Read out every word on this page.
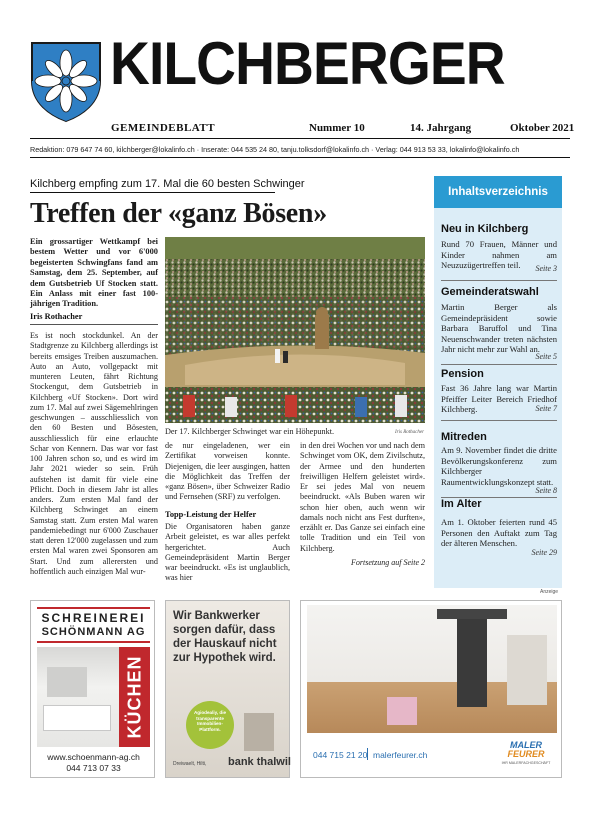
KILCHBERGER
GEMEINDEBLATT	Nummer 10	14. Jahrgang	Oktober 2021
Redaktion: 079 647 74 60, kilchberger@lokalinfo.ch · Inserate: 044 535 24 80, tanju.tolksdorf@lokalinfo.ch · Verlag: 044 913 53 33, lokalinfo@lokalinfo.ch
Kilchberg empfing zum 17. Mal die 60 besten Schwinger
Treffen der «ganz Bösen»
Ein grossartiger Wettkampf bei bestem Wetter und vor 6'000 begeisterten Schwingfans fand am Samstag, dem 25. September, auf dem Gutsbetrieb Uf Stocken statt. Ein Anlass mit einer fast 100-jährigen Tradition.
Iris Rothacher
Es ist noch stockdunkel. An der Stadtgrenze zu Kilchberg allerdings ist bereits emsiges Treiben auszumachen. Auto an Auto, vollgepackt mit munteren Leuten, fährt Richtung Stockengut, dem Gutsbetrieb in Kilchberg «Uf Stocken». Dort wird zum 17. Mal auf zwei Sägemehlringen geschwungen – ausschliesslich von den 60 Besten und Bösesten, ausschliesslich für eine erlauchte Schar von Kennern. Das war vor fast 100 Jahren schon so, und es wird im Jahr 2021 wieder so sein. Früh aufstehen ist damit für viele eine Pflicht. Doch in diesem Jahr ist alles anders. Zum ersten Mal fand der Kilchberg Schwinget an einem Samstag statt. Zum ersten Mal waren pandemiebedingt nur 6'000 Zuschauer statt deren 12'000 zugelassen und zum ersten Mal waren zwei Sponsoren am Start. Und zum allerersten und hoffentlich auch einzigen Mal wur-
Der 17. Kilchberger Schwinget war ein Höhepunkt.	Iris Rothacher
de nur eingeladenen, wer ein Zertifikat vorweisen konnte. Diejenigen, die leer ausgingen, hatten die Möglichkeit das Treffen der «ganz Bösen», über Schweizer Radio und Fernsehen (SRF) zu verfolgen.
Topp-Leistung der Helfer
Die Organisatoren haben ganze Arbeit geleistet, es war alles perfekt hergerichtet. Auch Gemeindepräsident Martin Berger war beeindruckt. «Es ist unglaublich, was hier
in den drei Wochen vor und nach dem Schwinget vom OK, dem Zivilschutz, der Armee und den hunderten freiwilligen Helfern geleistet wird». Er sei jedes Mal von neuem beeindruckt. «Als Buben waren wir schon hier oben, auch wenn wir damals noch nicht ans Fest durften», erzählt er. Das Ganze sei einfach eine tolle Tradition und ein Teil von Kilchberg.
Fortsetzung auf Seite 2
Inhaltsverzeichnis
Neu in Kilchberg
Rund 70 Frauen, Männer und Kinder nahmen am Neuzuzügertreffen teil.	Seite 3
Gemeinderatswahl
Martin Berger als Gemeindepräsident sowie Barbara Baruffol und Tina Neuenschwander treten nächsten Jahr nicht mehr zur Wahl an.
Seite 5
Pension
Fast 36 Jahre lang war Martin Pfeiffer Leiter Bereich Friedhof Kilchberg.	Seite 7
Mitreden
Am 9. November findet die dritte Bevölkerungskonferenz zum Kilchberger Raumentwicklungskonzept statt.
Seite 8
Im Alter
Am 1. Oktober feierten rund 45 Personen den Auftakt zum Tag der älteren Menschen.
Seite 29
Anzeige
SCHREINEREI
SCHÖNMANN AG
KÜCHEN
www.schoenmann-ag.ch
044 713 07 33
Wir Bankwerker sorgen dafür, dass der Hauskauf nicht zur Hypothek wird.
Agiodealiy, die transparente Immobilien-Plattform.
Dreiwaelt, Hilti, bank thalwil
044 715 21 20 malerfeurer.ch
MALER
FEURER
IHR MALERFACHGESCHÄFT
